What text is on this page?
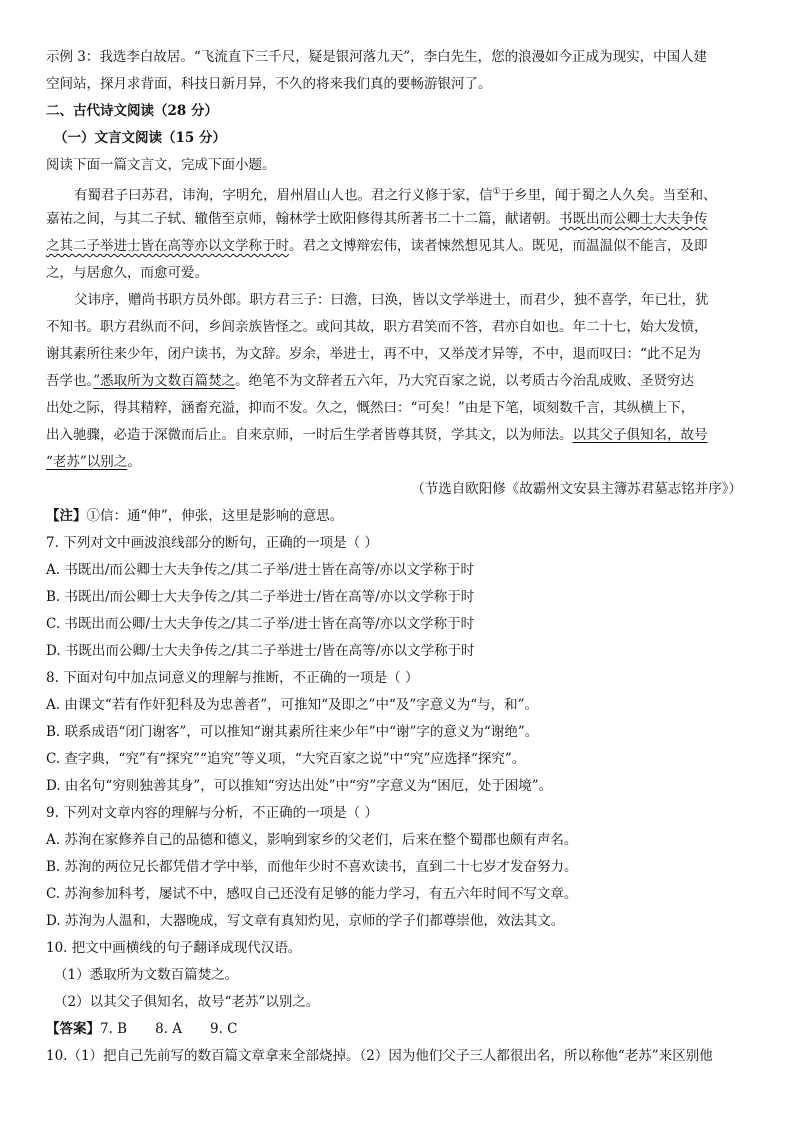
示例 3：我选李白故居。“飞流直下三千尺，疑是银河落九天”，李白先生，您的浪漫如今正成为现实，中国人建
空间站，探月求背面，科技日新月异，不久的将来我们真的要畅游银河了。
二、古代诗文阅读（28 分）
（一）文言文阅读（15 分）
阅读下面一篇文言文，完成下面小题。
有蜀君子曰苏君，讳洵，字明允，眉州眉山人也。君之行义修于家，信①于乡里，闻于蜀之人久矣。当至和、
嘉祐之间，与其二子轼、辙偕至京师，翰林学士欧阳修得其所著书二十二篇，献诸朝。书既出而公卿士大夫争传
之其二子举进士皆在高等亦以文学称于时。君之文博辩宏伟，读者悚然想见其人。既见，而温温似不能言，及即
之，与居愈久，而愈可爱。
父讳序，赠尚书职方员外郎。职方君三子：曰澹，曰涣，皆以文学举进士，而君少，独不喜学，年已壮，犹
不知书。职方君纵而不问，乡闾亲族皆怪之。或问其故，职方君笑而不答，君亦自如也。年二十七，始大发愤，
谢其素所往来少年，闭户读书，为文辞。岁余，举进士，再不中，又举茂才异等，不中，退而叹曰：“此不足为
吾学也。”悉取所为文数百篇焚之。绝笔不为文辞者五六年，乃大究百家之说，以考质古今治乱成败、圣贤穷达
出处之际，得其精粹，涵畜充溢，抑而不发。久之，慨然曰：“可矣！”由是下笔，顷刻数千言，其纵横上下，
出入驰骤，必造于深微而后止。自来京师，一时后生学者皆尊其贤，学其文，以为师法。以其父子俱知名，故号
“老苏”以别之。
（节选自欧阳修《故霸州文安县主簿苏君墓志铭并序》）
【注】①信：通“伸”，伸张，这里是影响的意思。
7. 下列对文中画波浪线部分的断句，正确的一项是（ ）
A. 书既出/而公卿士大夫争传之/其二子举/进士皆在高等/亦以文学称于时
B. 书既出/而公卿士大夫争传之/其二子举进士/皆在高等/亦以文学称于时
C. 书既出而公卿/士大夫争传之/其二子举/进士皆在高等/亦以文学称于时
D. 书既出而公卿/士大夫争传之/其二子举进士/皆在高等/亦以文学称于时
8. 下面对句中加点词意义的理解与推断，不正确的一项是（ ）
A. 由课文“若有作奸犯科及为忠善者”，可推知“及即之”中“及”字意义为“与，和”。
B. 联系成语“闭门谢客”，可以推知“谢其素所往来少年”中“谢”字的意义为“谢绝”。
C. 查字典，“究”有“探究”“追究”等义项，“大究百家之说”中“究”应选择“探究”。
D. 由名句“穷则独善其身”，可以推知“穷达出处”中“穷”字意义为“困厄，处于困境”。
9. 下列对文章内容的理解与分析，不正确的一项是（ ）
A. 苏洵在家修养自己的品德和德义，影响到家乡的父老们，后来在整个蜀郡也颇有声名。
B. 苏洵的两位兄长都凭借才学中举，而他年少时不喜欢读书，直到二十七岁才发奋努力。
C. 苏洵参加科考，屡试不中，感叹自己还没有足够的能力学习，有五六年时间不写文章。
D. 苏洵为人温和，大器晚成，写文章有真知灼见，京师的学子们都尊崇他，效法其文。
10. 把文中画横线的句子翻译成现代汉语。
（1）悉取所为文数百篇焚之。
（2）以其父子俱知名，故号“老苏”以别之。
【答案】7. B 8. A 9. C
10.（1）把自己先前写的数百篇文章拿来全部烧掉。（2）因为他们父子三人都很出名，所以称他“老苏”来区别他
